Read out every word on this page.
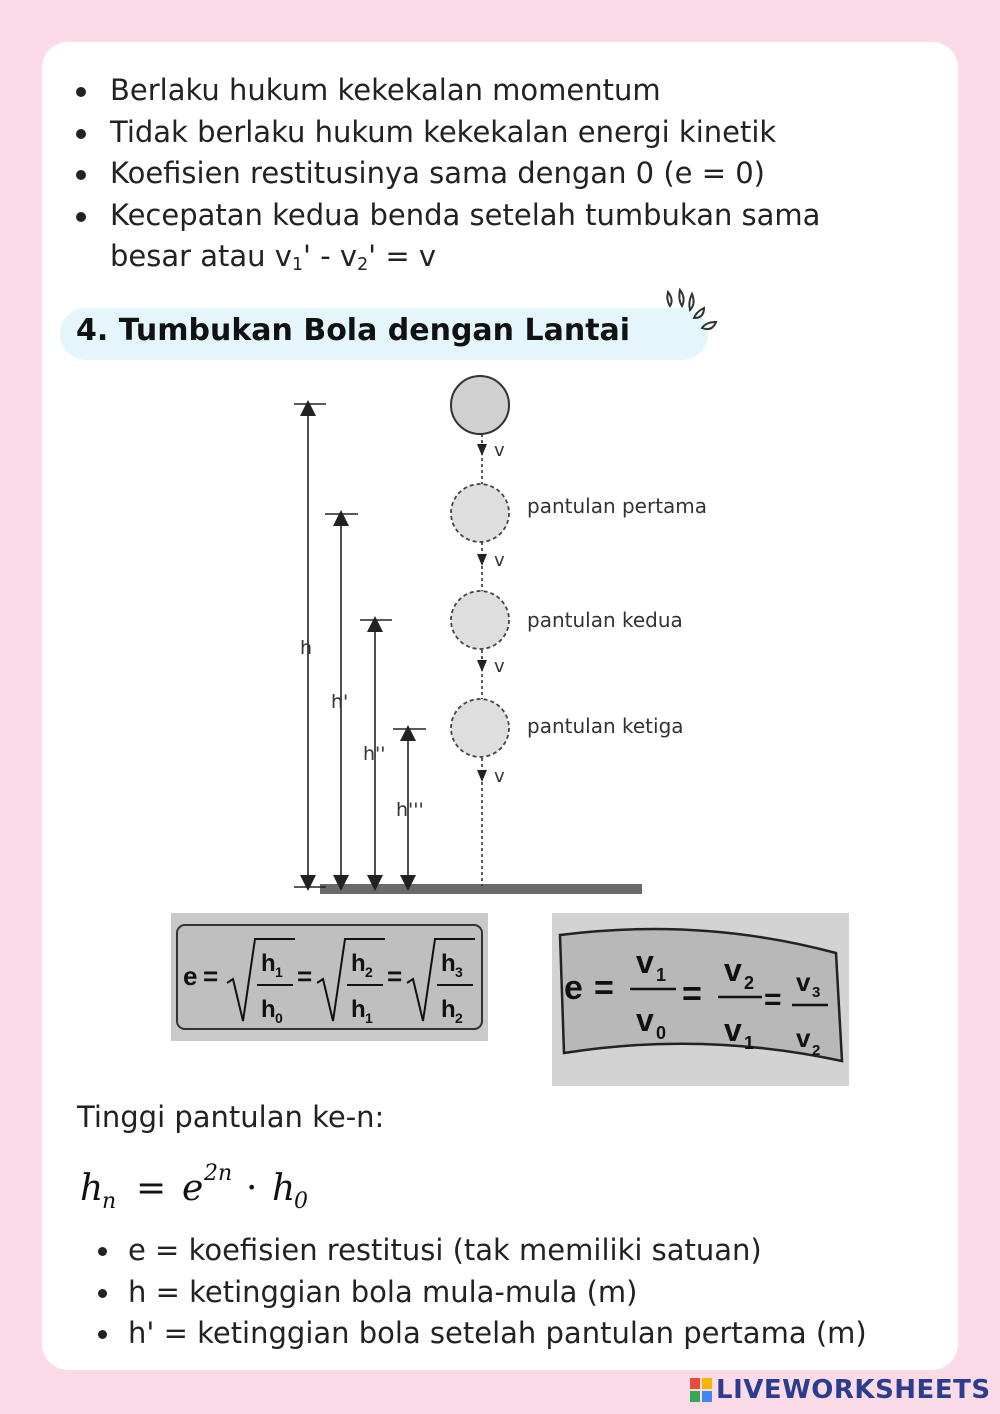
Berlaku hukum kekekalan momentum
Tidak berlaku hukum kekekalan energi kinetik
Koefisien restitusinya sama dengan 0 (e = 0)
Kecepatan kedua benda setelah tumbukan sama
besar atau $v_1' - v_2' = v$
4. Tumbukan Bola dengan Lantai
h
h'
h''
h'''
v
v
v
v
pantulan pertama
pantulan kedua
pantulan ketiga
e = h 1
h 0
= h 2
h 1
= h 3
h 2
e =
v 1
v 0
=
v 2
v 1
=
v 3
v 2
Tinggi pantulan ke-n:
h
n = e 2n · h
0
e = koefisien restitusi (tak memiliki satuan)
h = ketinggian bola mula-mula (m)
h' = ketinggian bola setelah pantulan pertama (m)
LIVEWORKSHEETS
